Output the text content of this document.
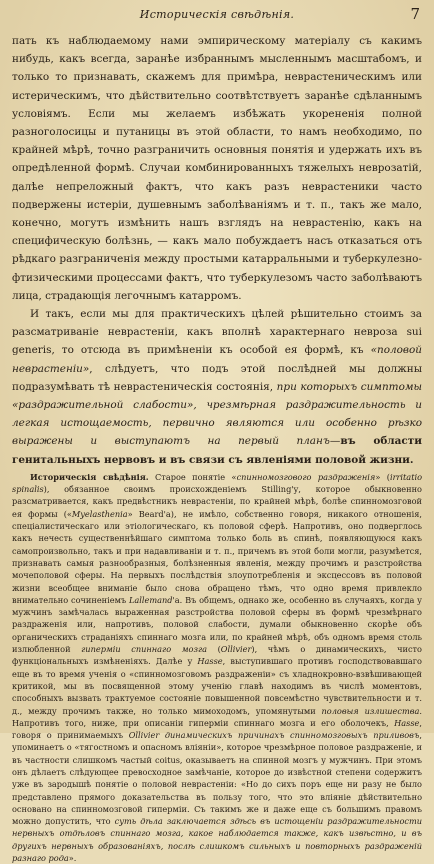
Историческія свѣдѣнія.	7

пать къ наблюдаемому нами эмпирическому матеріалу съ какимъ нибудь, какъ всегда, заранѣе избраннымъ мысленнымъ масштабомъ, и только то признавать, скажемъ для примѣра, неврастеническимъ или истерическимъ, что дѣйствительно соотвѣтствуетъ заранѣе сдѣланнымъ условіямъ. Если мы желаемъ избѣжать укорененія полной разноголосицы и путаницы въ этой области, то намъ необходимо, по крайней мѣрѣ, точно разграничить основныя понятія и удержать ихъ въ опредѣленной формѣ. Случаи комбинированныхъ тяжелыхъ неврозатій, далѣе непреложный фактъ, что какъ разъ неврастеники часто подвержены истеріи, душевнымъ заболѣваніямъ и т. п., такъ же мало, конечно, могутъ измѣнить нашъ взглядъ на неврастенію, какъ на специфическую болѣзнь, — какъ мало побуждаетъ насъ отказаться отъ рѣдкаго разграниченія между простыми катарральными и туберкулезно-фтизическими процессами фактъ, что туберкулезомъ часто заболѣваютъ лица, страдающія легочнымъ катарромъ.

И такъ, если мы для практическихъ цѣлей рѣшительно стоимъ за разсматриваніе неврастеніи, какъ вполнѣ характернаго невроза sui generis, то отсюда въ примѣненіи къ особой ея формѣ, къ «половой неврастеніи», слѣдуетъ, что подъ этой послѣдней мы должны подразумѣвать тѣ неврастеническія состоянія, при которыхъ симптомы «раздражительной слабости», чрезмѣрная раздражительность и легкая истощаемость, первично являются или особенно рѣзко выражены и выступаютъ на первый планъ—въ области генитальныхъ нервовъ и въ связи съ явленіями половой жизни.

Историческія свѣдѣнія. Старое понятіе «спинномозгового раздраженія» (irritatio spinalis), обязанное своимъ происхожденіемъ Stilling'у, которое обыкновенно разсматривается, какъ предвѣстникъ неврастеніи, по крайней мѣрѣ, болѣе спинномозговой ея формы («Myelasthenia» Beard'a), не имѣло, собственно говоря, никакого отношенія, спеціалистическаго или этіологическаго, къ половой сферѣ. Напротивъ, оно подверглось какъ нечесть существеннѣйшаго симптома только боль въ спинѣ, появляющуюся какъ самопроизвольно, такъ и при надавливаніи и т. п., причемъ въ этой боли могли, разумѣется, признавать самыя разнообразныя, болѣзненныя явленія, между прочимъ и разстройства мочеполовой сферы. На первыхъ послѣдствія злоупотребленія и эксцессовъ въ половой жизни всеобщее вниманіе было снова обращено тѣмъ, что одно время привлекло внимательно сочиненіемъ Lallemand'a. Въ общемъ, однако же, особенно въ случаяхъ, когда у мужчинъ замѣчалась выраженная разстройства половой сферы въ формѣ чрезмѣрнаго раздраженія или, напротивъ, половой слабости, думали обыкновенно скорѣе объ органическихъ страданіяхъ спиннаго мозга или, по крайней мѣрѣ, объ одномъ время столь излюбленной гиперміи спиннаго мозга (Ollivier), чѣмъ о динамическихъ, чисто функціональныхъ измѣненіяхъ. Далѣе у Hasse, выступившаго противъ господствовавшаго еще въ то время ученія о «спинномозговомъ раздраженіи» съ хладнокровно-взвѣшивающей критикой, мы въ посвященной этому ученію главѣ находимъ въ числѣ моментовъ, способныхъ вызвать трактуемое состояніе повышенной повсемѣстно чувствительности и т. д., между прочимъ также, но только мимоходомъ, упомянутыми половыя излишества. Напротивъ того, ниже, при описаніи гиперміи спиннаго мозга и его оболочекъ, Hasse, говоря о принимаемыхъ Ollivier динамическихъ причинахъ спинномозговыхъ приливовъ, упоминаетъ о «тягостномъ и опасномъ вліяніи», которое чрезмѣрное половое раздраженіе, и въ частности слишкомъ частый coitus, оказываетъ на спинной мозгъ у мужчинъ. При этомъ онъ дѣлаетъ слѣдующее превосходное замѣчаніе, которое до извѣстной степени содержитъ уже въ зародышѣ понятіе о половой неврастеніи: «Но до сихъ поръ еще ни разу не было представлено прямого доказательства въ пользу того, что это вліяніе дѣйствительно основано на спинномозговой гиперміи. Съ такимъ же и даже еще съ большимъ правомъ можно допустить, что суть дѣла заключается здѣсь въ истощеніи раздражительности нервныхъ отдѣловъ спиннаго мозга, какое наблюдается также, какъ извѣстно, и въ другихъ нервныхъ образованіяхъ, послѣ слишкомъ сильныхъ и повторныхъ раздраженій разнаго рода».
